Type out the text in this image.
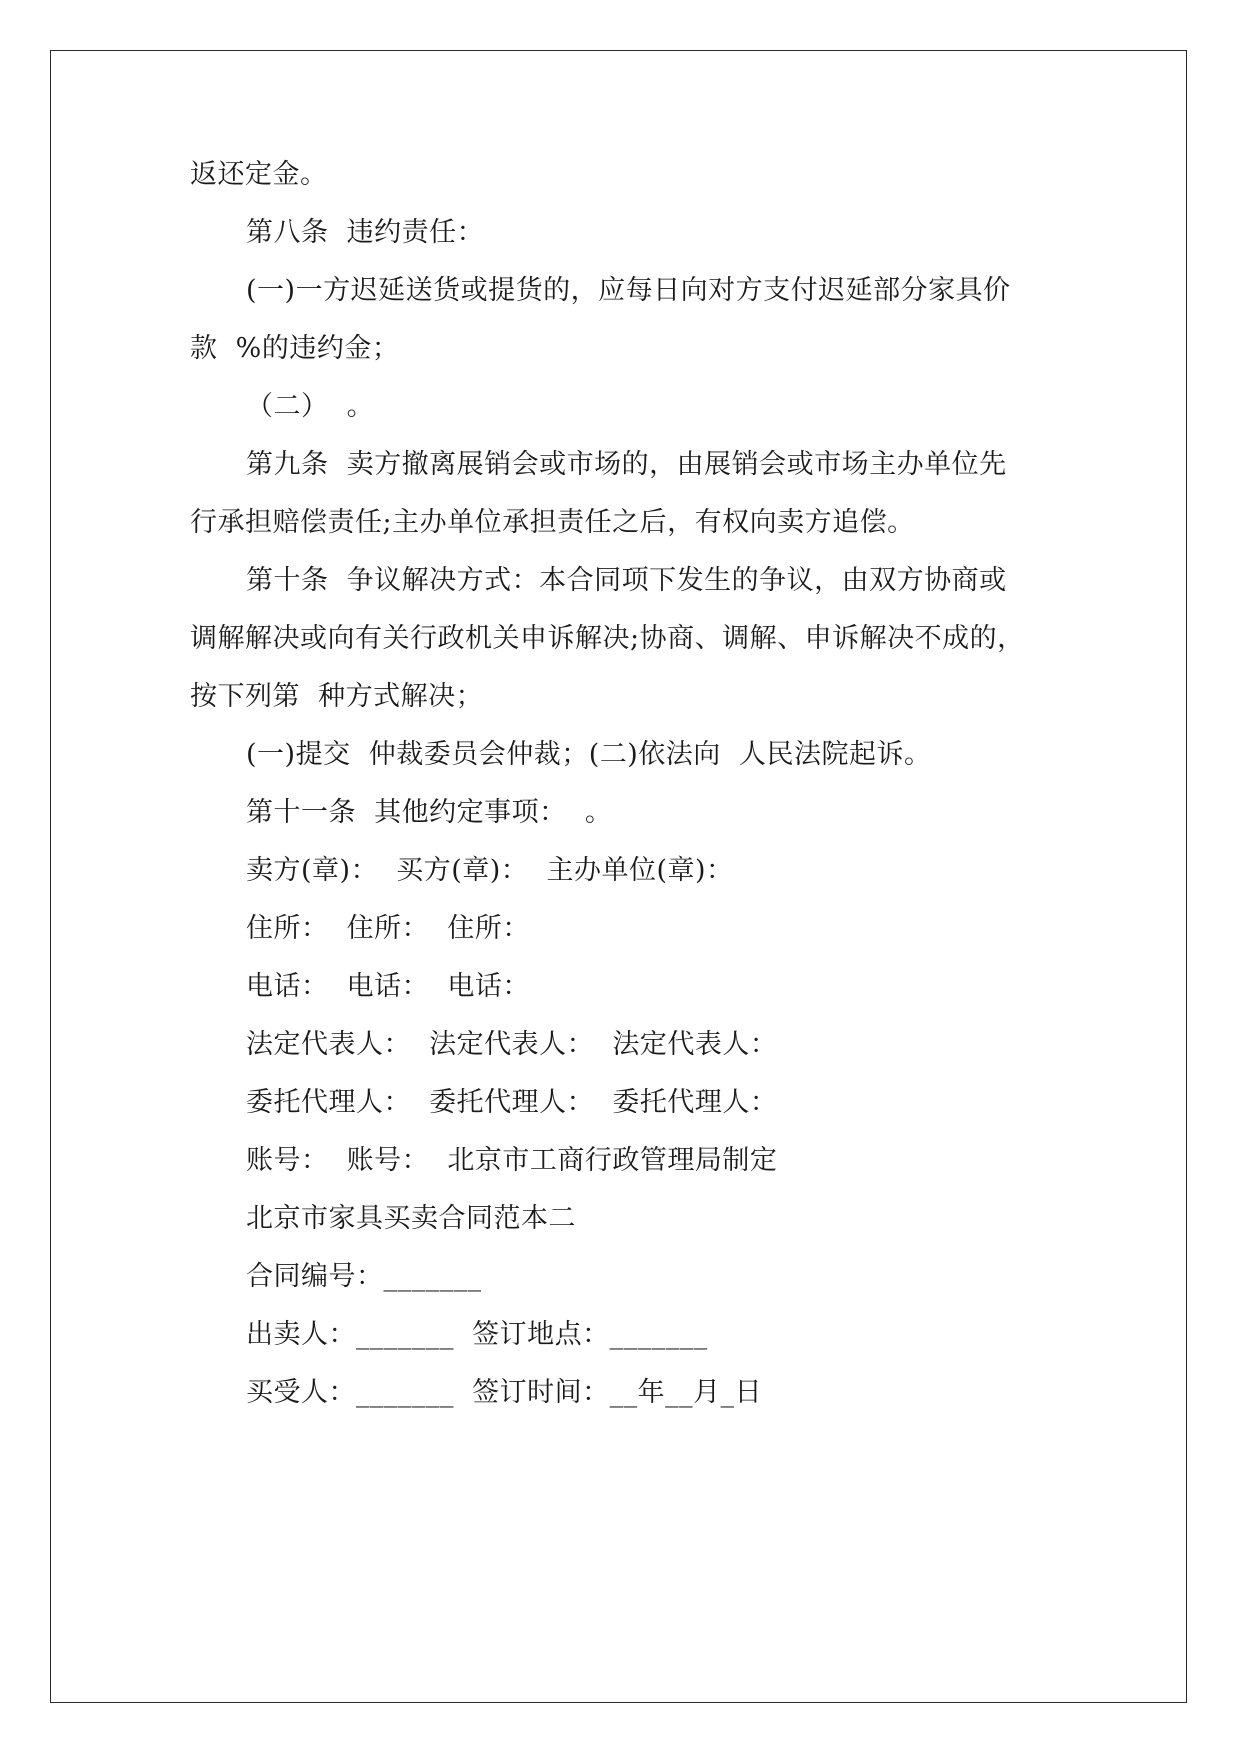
返还定金。
第八条  违约责任：
(一)一方迟延送货或提货的，应每日向对方支付迟延部分家具价
款  %的违约金；
（二）  。
第九条  卖方撤离展销会或市场的，由展销会或市场主办单位先
行承担赔偿责任;主办单位承担责任之后，有权向卖方追偿。
第十条  争议解决方式：本合同项下发生的争议，由双方协商或
调解解决或向有关行政机关申诉解决;协商、调解、申诉解决不成的，
按下列第  种方式解决；
(一)提交  仲裁委员会仲裁；(二)依法向  人民法院起诉。
第十一条  其他约定事项：  。
卖方(章)：  买方(章)：  主办单位(章)：
住所：  住所：  住所：
电话：  电话：  电话：
法定代表人：  法定代表人：  法定代表人：
委托代理人：  委托代理人：  委托代理人：
账号：  账号：  北京市工商行政管理局制定
北京市家具买卖合同范本二
合同编号：_______
出卖人：_______  签订地点：_______
买受人：_______  签订时间：__年__月_日
